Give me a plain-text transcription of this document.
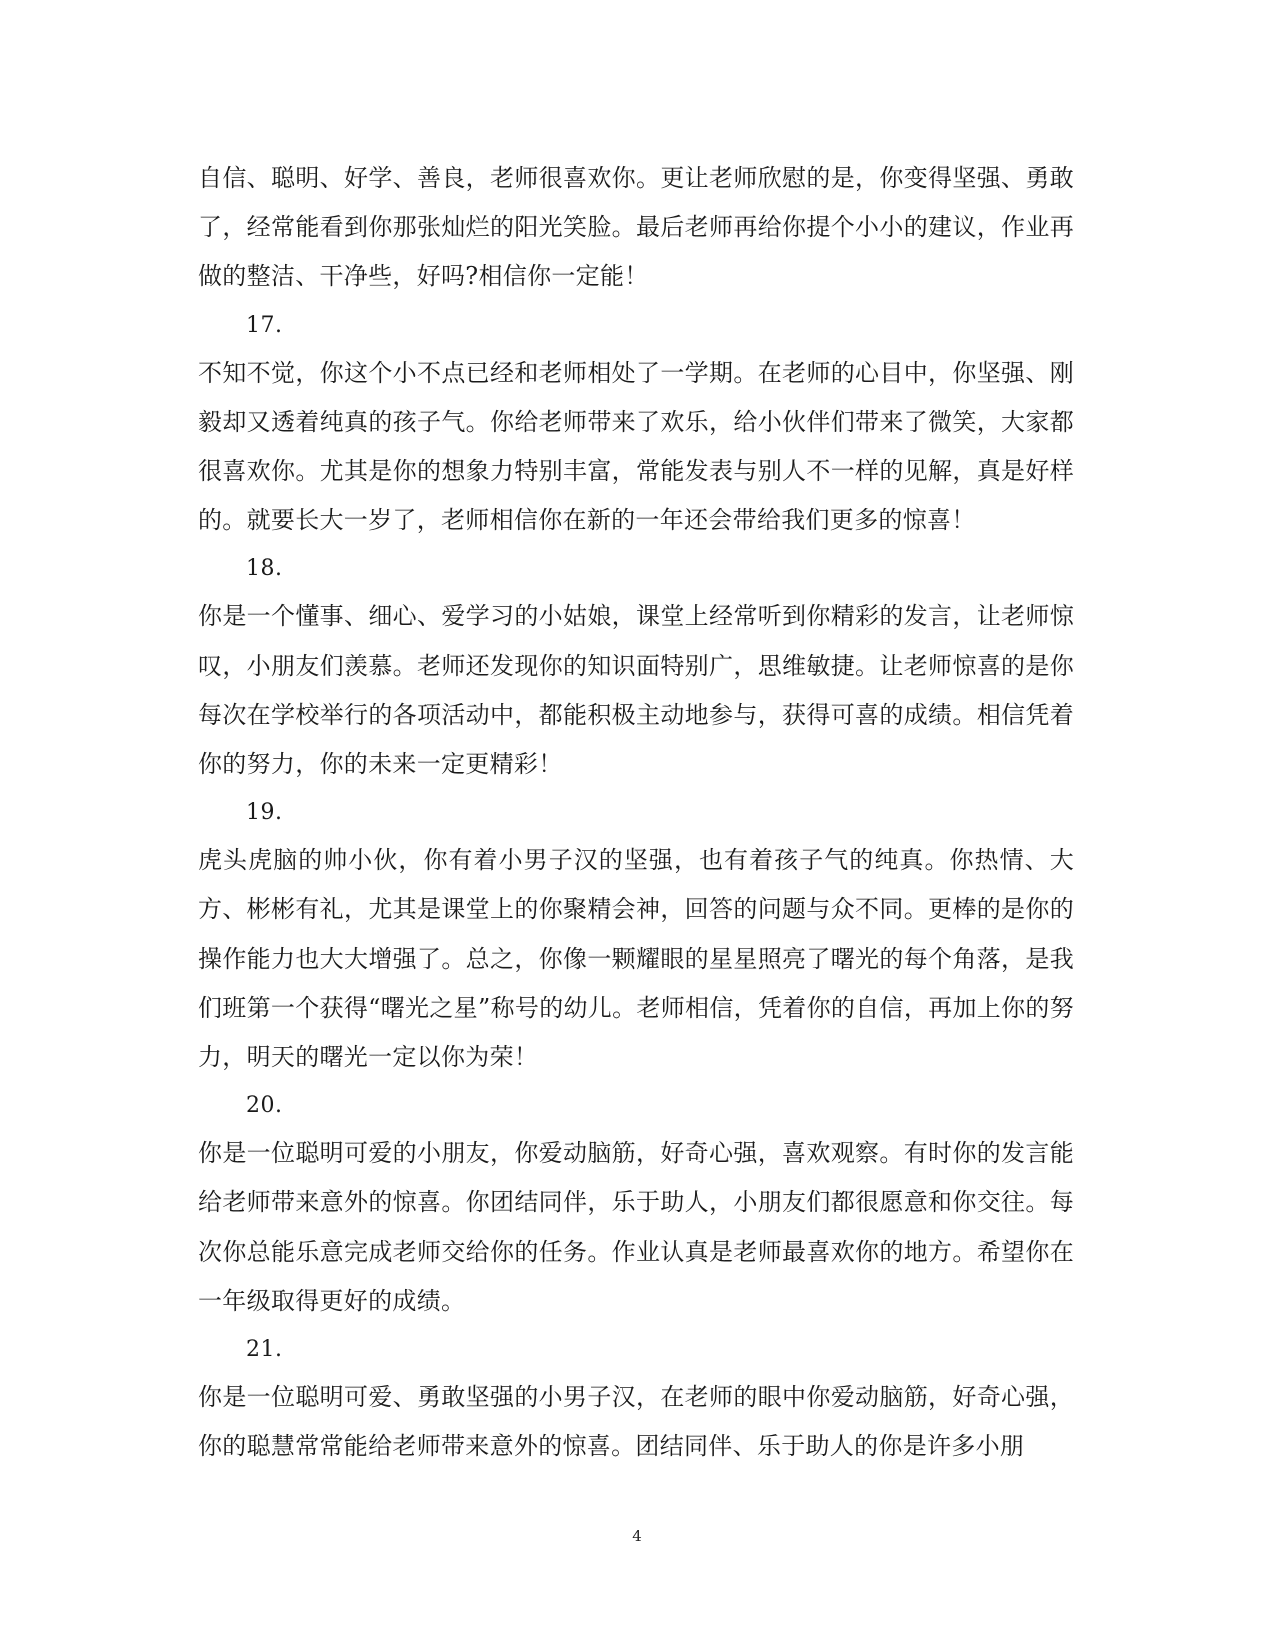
自信、聪明、好学、善良，老师很喜欢你。更让老师欣慰的是，你变得坚强、勇敢了，经常能看到你那张灿烂的阳光笑脸。最后老师再给你提个小小的建议，作业再做的整洁、干净些，好吗?相信你一定能！

17.

不知不觉，你这个小不点已经和老师相处了一学期。在老师的心目中，你坚强、刚毅却又透着纯真的孩子气。你给老师带来了欢乐，给小伙伴们带来了微笑，大家都很喜欢你。尤其是你的想象力特别丰富，常能发表与别人不一样的见解，真是好样的。就要长大一岁了，老师相信你在新的一年还会带给我们更多的惊喜！

18.

你是一个懂事、细心、爱学习的小姑娘，课堂上经常听到你精彩的发言，让老师惊叹，小朋友们羡慕。老师还发现你的知识面特别广，思维敏捷。让老师惊喜的是你每次在学校举行的各项活动中，都能积极主动地参与，获得可喜的成绩。相信凭着你的努力，你的未来一定更精彩！

19.

虎头虎脑的帅小伙，你有着小男子汉的坚强，也有着孩子气的纯真。你热情、大方、彬彬有礼，尤其是课堂上的你聚精会神，回答的问题与众不同。更棒的是你的操作能力也大大增强了。总之，你像一颗耀眼的星星照亮了曙光的每个角落，是我们班第一个获得“曙光之星”称号的幼儿。老师相信，凭着你的自信，再加上你的努力，明天的曙光一定以你为荣！

20.

你是一位聪明可爱的小朋友，你爱动脑筋，好奇心强，喜欢观察。有时你的发言能给老师带来意外的惊喜。你团结同伴，乐于助人，小朋友们都很愿意和你交往。每次你总能乐意完成老师交给你的任务。作业认真是老师最喜欢你的地方。希望你在一年级取得更好的成绩。

21.

你是一位聪明可爱、勇敢坚强的小男子汉，在老师的眼中你爱动脑筋，好奇心强，你的聪慧常常能给老师带来意外的惊喜。团结同伴、乐于助人的你是许多小朋

4
